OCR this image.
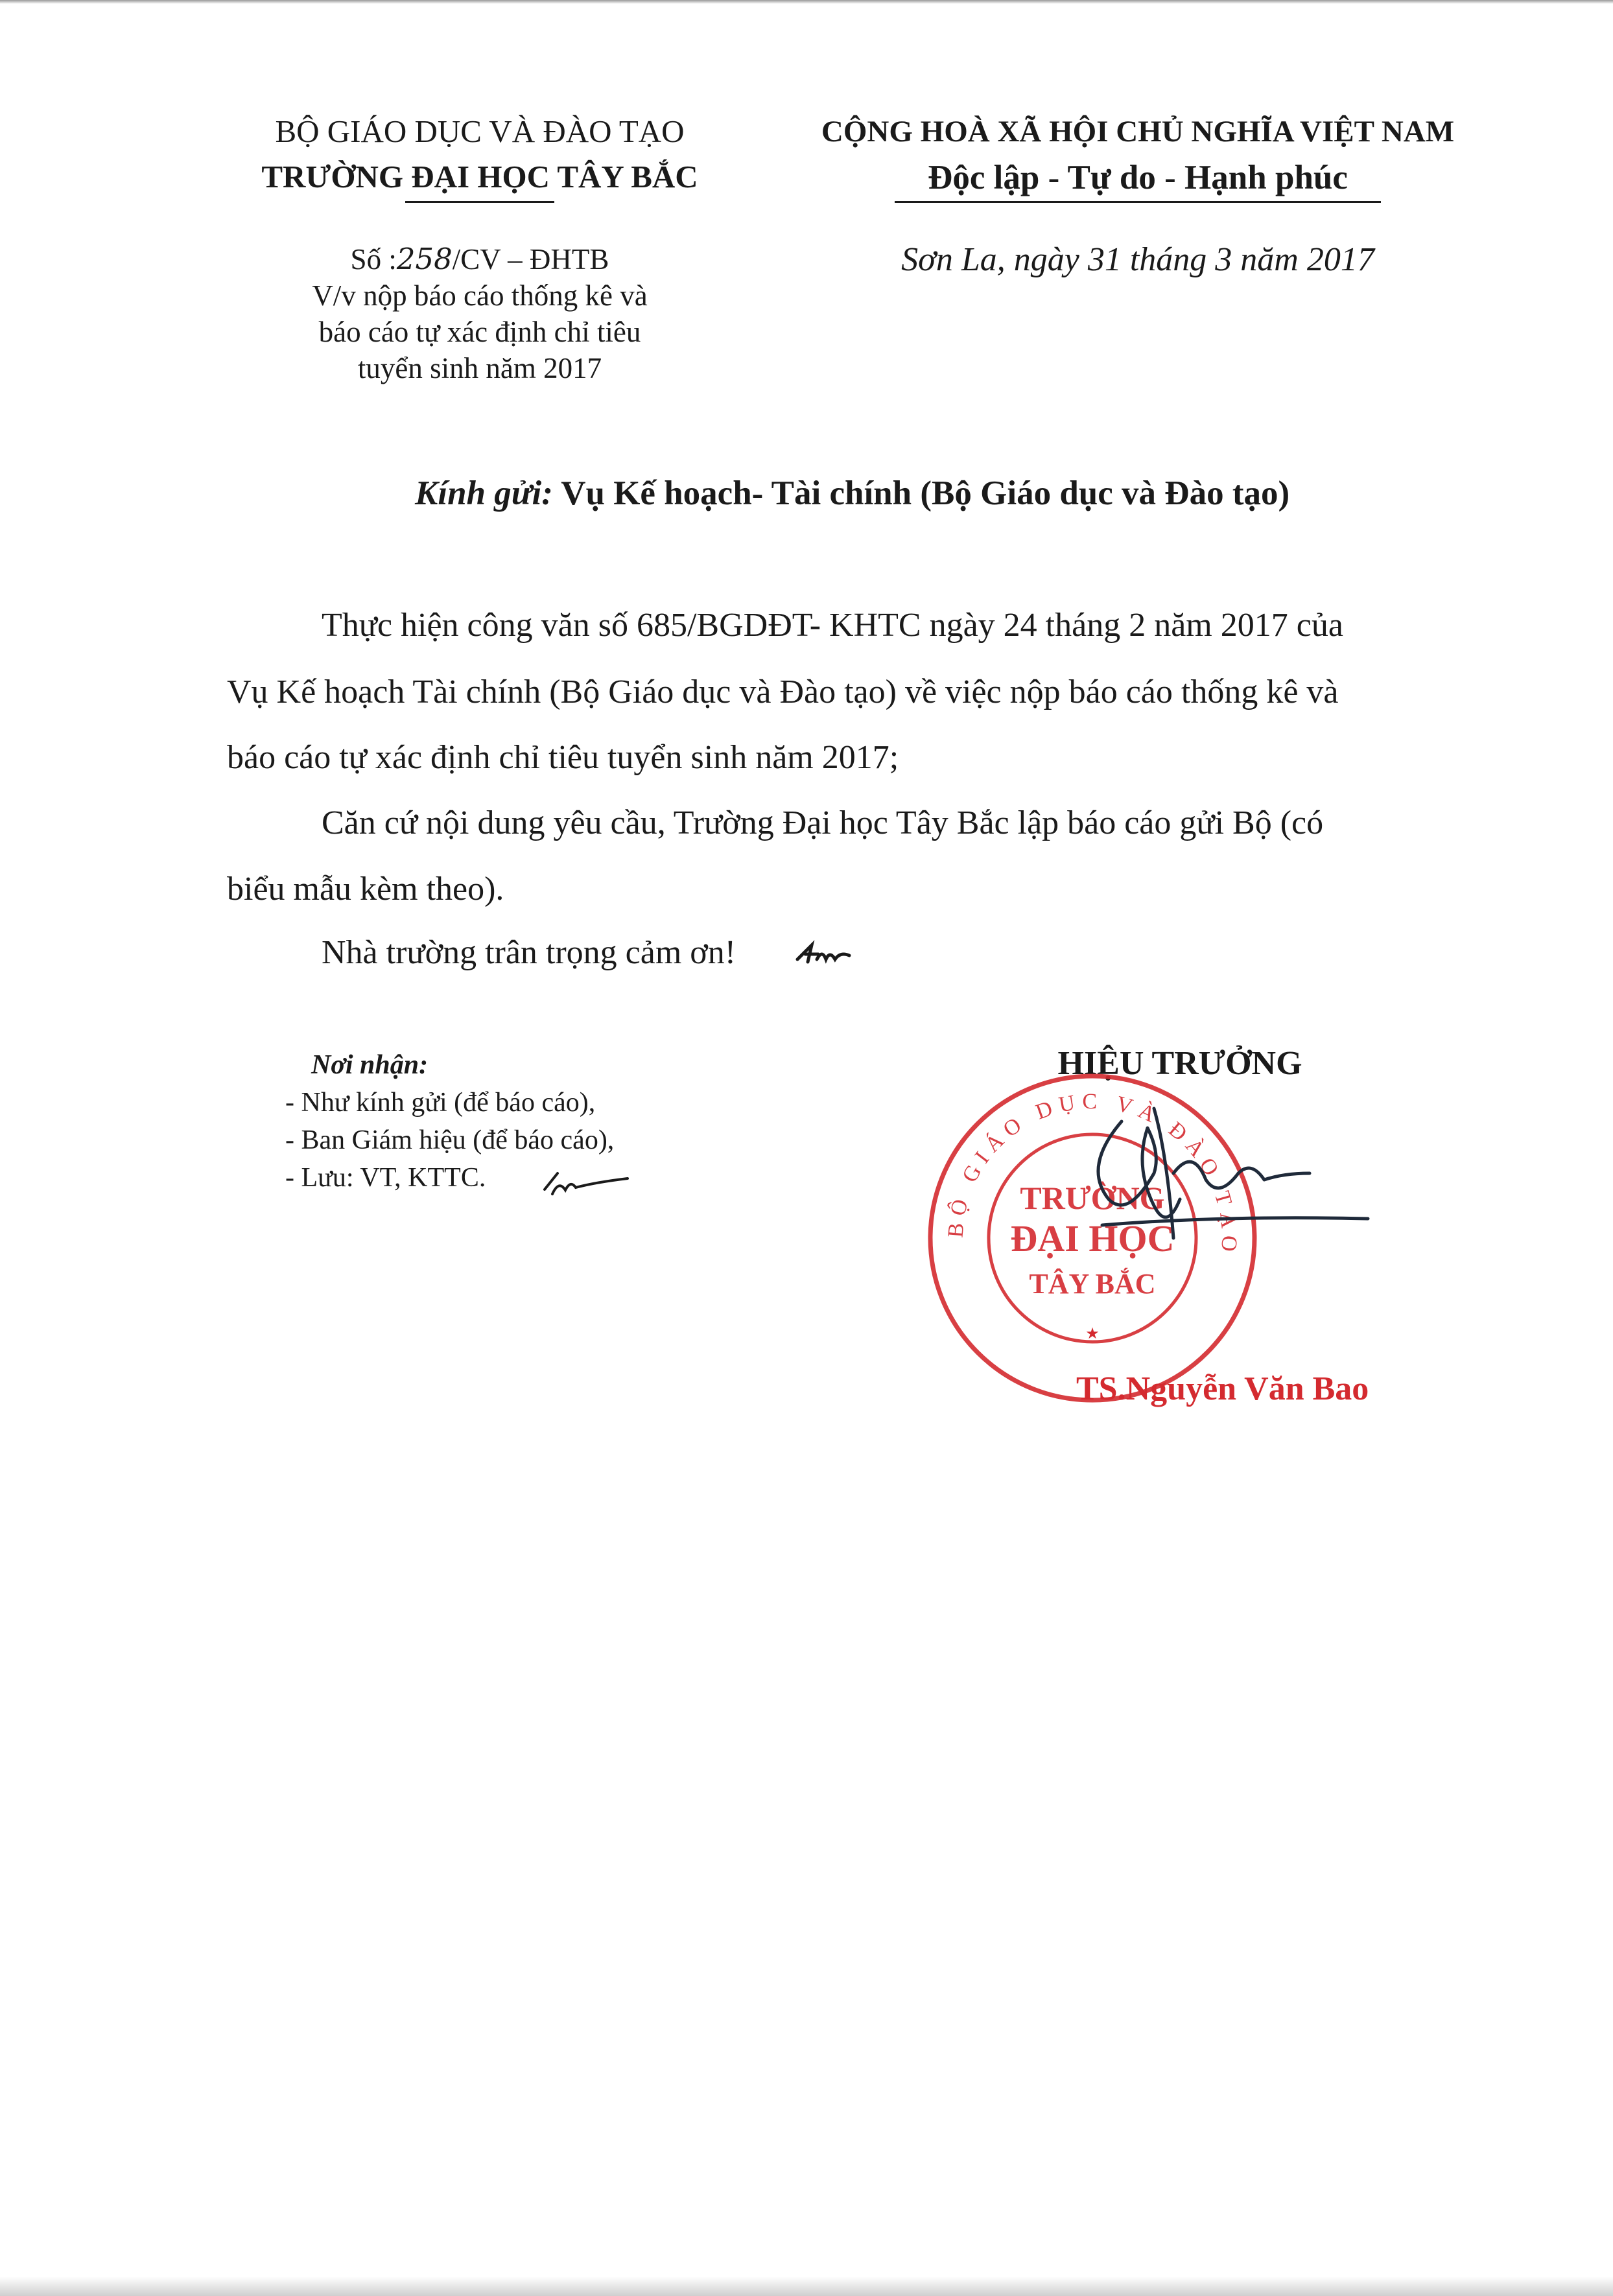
BỘ GIÁO DỤC VÀ ĐÀO TẠO
TRƯỜNG ĐẠI HỌC TÂY BẮC
CỘNG HOÀ XÃ HỘI CHỦ NGHĨA VIỆT NAM
Độc lập - Tự do - Hạnh phúc
Số :258/CV – ĐHTB
V/v nộp báo cáo thống kê và
báo cáo tự xác định chỉ tiêu
tuyển sinh năm 2017
Sơn La, ngày 31 tháng 3 năm 2017
Kính gửi: Vụ Kế hoạch- Tài chính (Bộ Giáo dục và Đào tạo)
Thực hiện công văn số 685/BGDĐT- KHTC ngày 24 tháng 2 năm 2017 của
Vụ Kế hoạch Tài chính (Bộ Giáo dục và Đào tạo) về việc nộp báo cáo thống kê và
báo cáo tự xác định chỉ tiêu tuyển sinh năm 2017;
Căn cứ nội dung yêu cầu, Trường Đại học Tây Bắc lập báo cáo gửi Bộ (có
biểu mẫu kèm theo).
Nhà trường trân trọng cảm ơn!
Nơi nhận:
- Như kính gửi (để báo cáo),
- Ban Giám hiệu (để báo cáo),
- Lưu: VT, KTTC.
HIỆU TRƯỞNG
BỘ GIÁO DỤC VÀ ĐÀO TẠO
TRƯỜNG
ĐẠI HỌC
TÂY BẮC
★
TS.Nguyễn Văn Bao
